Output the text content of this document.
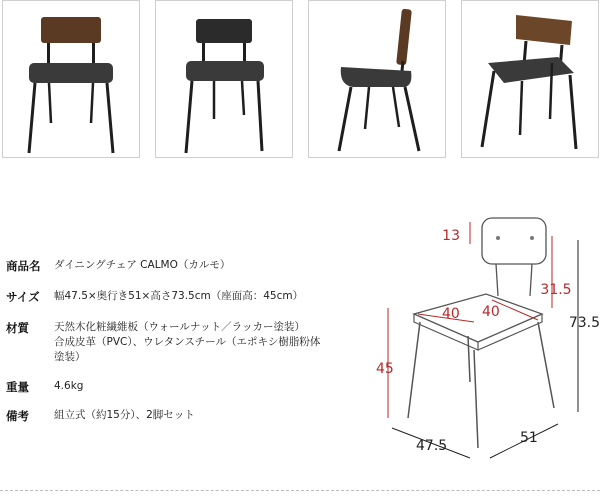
商品名 ダイニングチェア CALMO（カルモ）
サイズ 幅47.5×奥行き51×高さ73.5cm（座面高：45cm）
材質 天然木化粧繊維板（ウォールナット／ラッカー塗装）
合成皮革（PVC）、ウレタンスチール（エポキシ樹脂粉体
塗装）
重量 4.6kg
備考 組立式（約15分）、2脚セット
13
31.5
73.5
45
40 40
47.5	51
